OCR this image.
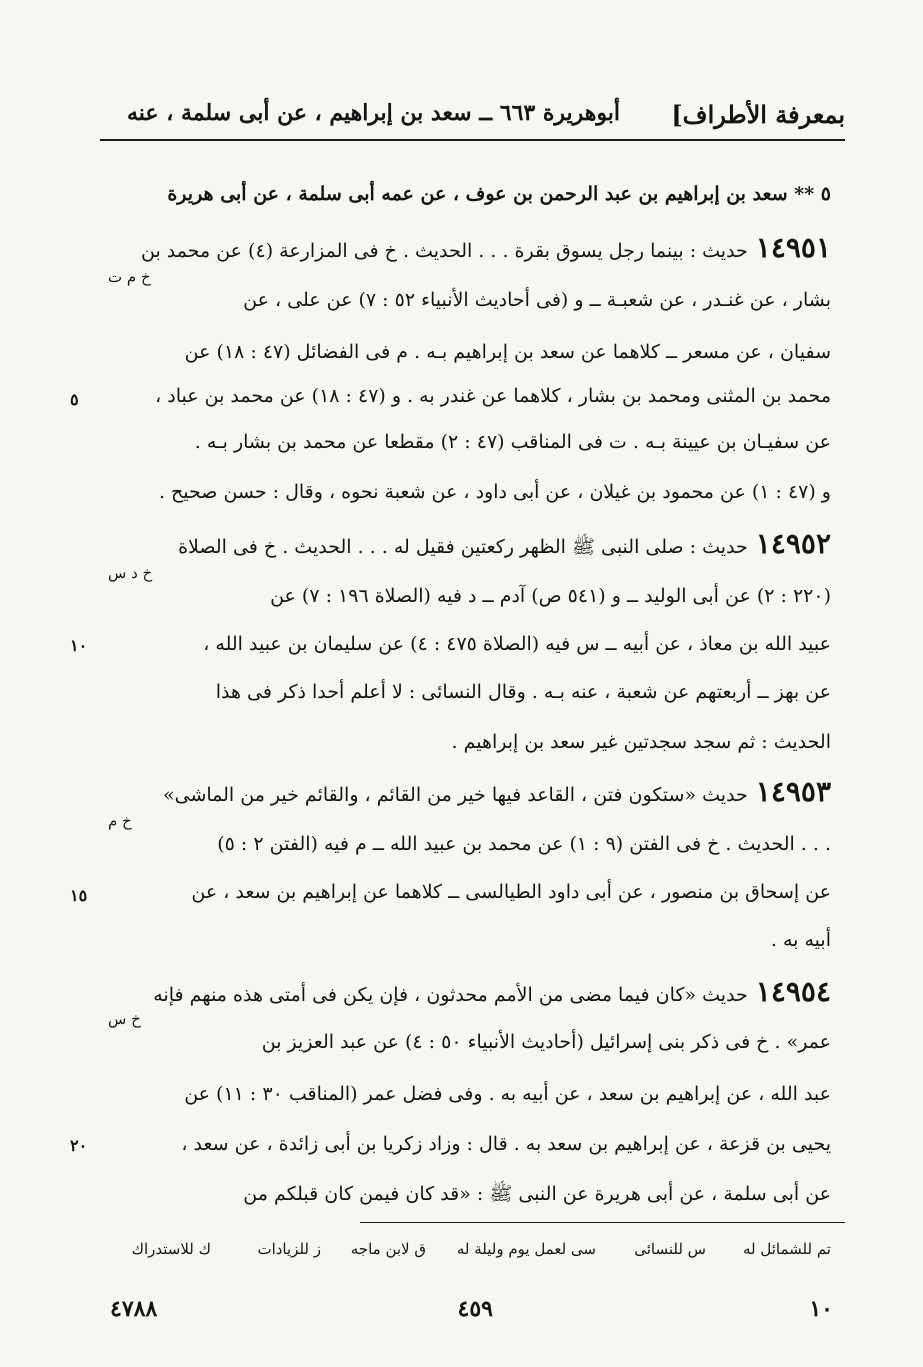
بمعرفة الأطراف]
أبوهريرة ٦٦٣ ــ سعد بن إبراهيم ، عن أبى سلمة ، عنه
٥ ** سعد بن إبراهيم بن عبد الرحمن بن عوف ، عن عمه أبى سلمة ، عن أبى هريرة
١٤٩٥١حديث : بينما رجل يسوق بقرة . . . الحديث . خ فى المزارعة (٤) عن محمد بن
خ م ت
بشار ، عن غنـدر ، عن شعبـة ــ و (فى أحاديث الأنبياء ٥٢ : ٧) عن على ، عن
سفيان ، عن مسعر ــ كلاهما عن سعد بن إبراهيم بـه . م فى الفضائل (٤٧ : ١٨) عن
محمد بن المثنى ومحمد بن بشار ، كلاهما عن غندر به . و (٤٧ : ١٨) عن محمد بن عباد ،
٥
عن سفيـان بن عيينة بـه . ت فى المناقب (٤٧ : ٢) مقطعا عن محمد بن بشار بـه .
و (٤٧ : ١) عن محمود بن غيلان ، عن أبى داود ، عن شعبة نحوه ، وقال : حسن صحيح .
١٤٩٥٢حديث : صلى النبى ﷺ الظهر ركعتين فقيل له . . . الحديث . خ فى الصلاة
خ د س
(٢٢٠ : ٢) عن أبى الوليد ــ و (٥٤١ ص) آدم ــ د فيه (الصلاة ١٩٦ : ٧) عن
عبيد الله بن معاذ ، عن أبيه ــ س فيه (الصلاة ٤٧٥ : ٤) عن سليمان بن عبيد الله ،
١٠
عن بهز ــ أربعتهم عن شعبة ، عنه بـه . وقال النسائى : لا أعلم أحدا ذكر فى هذا
الحديث : ثم سجد سجدتين غير سعد بن إبراهيم .
١٤٩٥٣حديث «ستكون فتن ، القاعد فيها خير من القائم ، والقائم خير من الماشى»
خ م
. . . الحديث . خ فى الفتن (٩ : ١) عن محمد بن عبيد الله ــ م فيه (الفتن ٢ : ٥)
عن إسحاق بن منصور ، عن أبى داود الطيالسى ــ كلاهما عن إبراهيم بن سعد ، عن
١٥
أبيه به .
١٤٩٥٤حديث «كان فيما مضى من الأمم محدثون ، فإن يكن فى أمتى هذه منهم فإنه
خ س
عمر» . خ فى ذكر بنى إسرائيل (أحاديث الأنبياء ٥٠ : ٤) عن عبد العزيز بن
عبد الله ، عن إبراهيم بن سعد ، عن أبيه به . وفى فضل عمر (المناقب ٣٠ : ١١) عن
يحيى بن قزعة ، عن إبراهيم بن سعد به . قال : وزاد زكريا بن أبى زائدة ، عن سعد ،
٢٠
عن أبى سلمة ، عن أبى هريرة عن النبى ﷺ : «قد كان فيمن كان قبلكم من
تم للشمائل له
س للنسائى
سى لعمل يوم وليلة له
ق لابن ماجه
ز للزيادات
ك للاستدراك
١٠
٤٥٩
٤٧٨٨
